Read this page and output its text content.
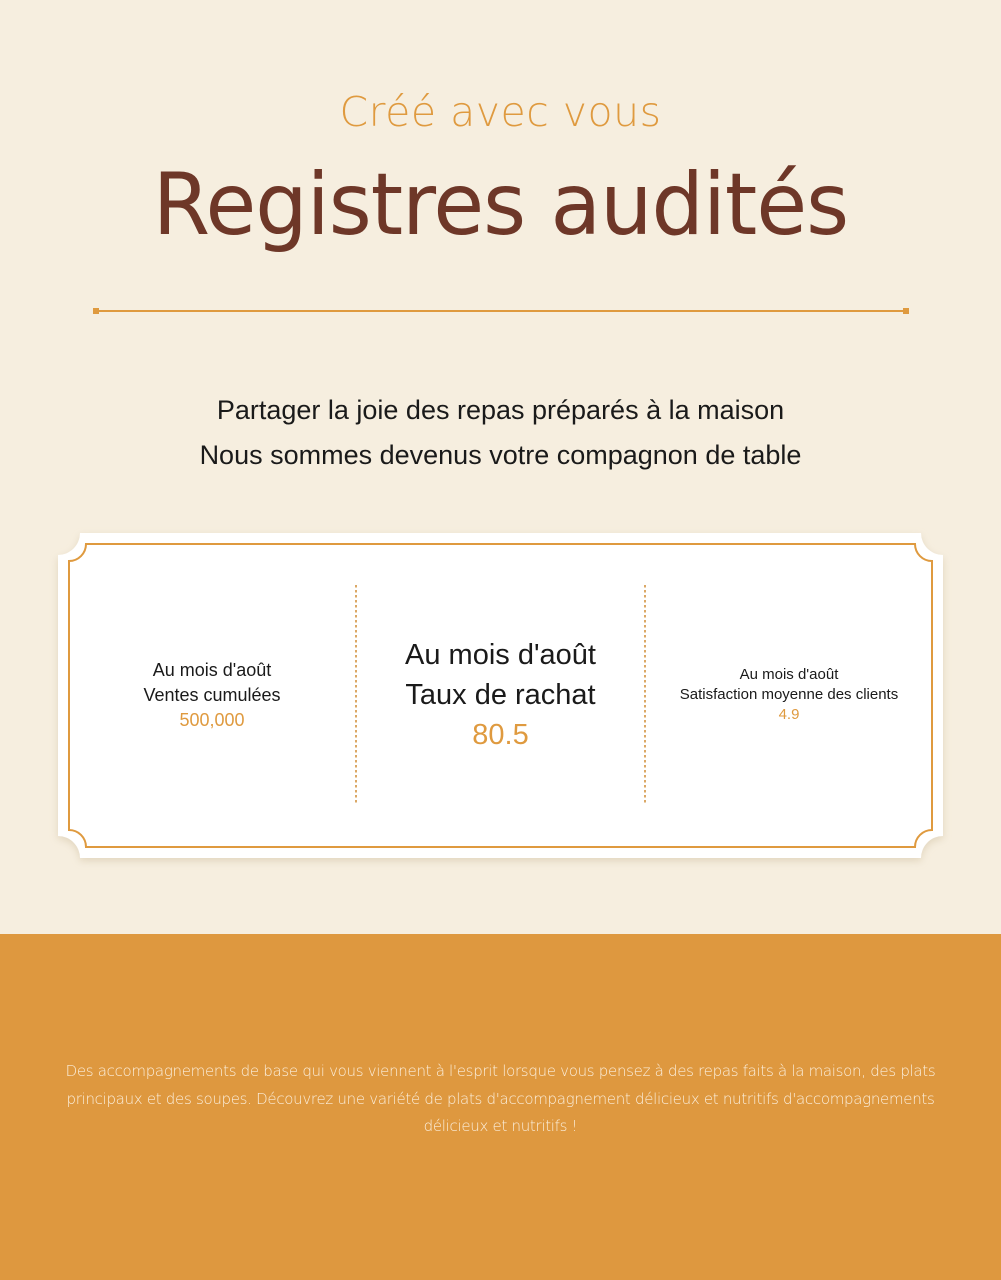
Créé avec vous
Registres audités
Partager la joie des repas préparés à la maison
Nous sommes devenus votre compagnon de table
Au mois d'août
Ventes cumulées
500,000
Au mois d'août
Taux de rachat
80.5
Au mois d'août
Satisfaction moyenne des clients
4.9

Des accompagnements de base qui vous viennent à l'esprit lorsque vous pensez à des repas faits à la maison, des plats principaux et des soupes. Découvrez une variété de plats d'accompagnement délicieux et nutritifs d'accompagnements délicieux et nutritifs !
